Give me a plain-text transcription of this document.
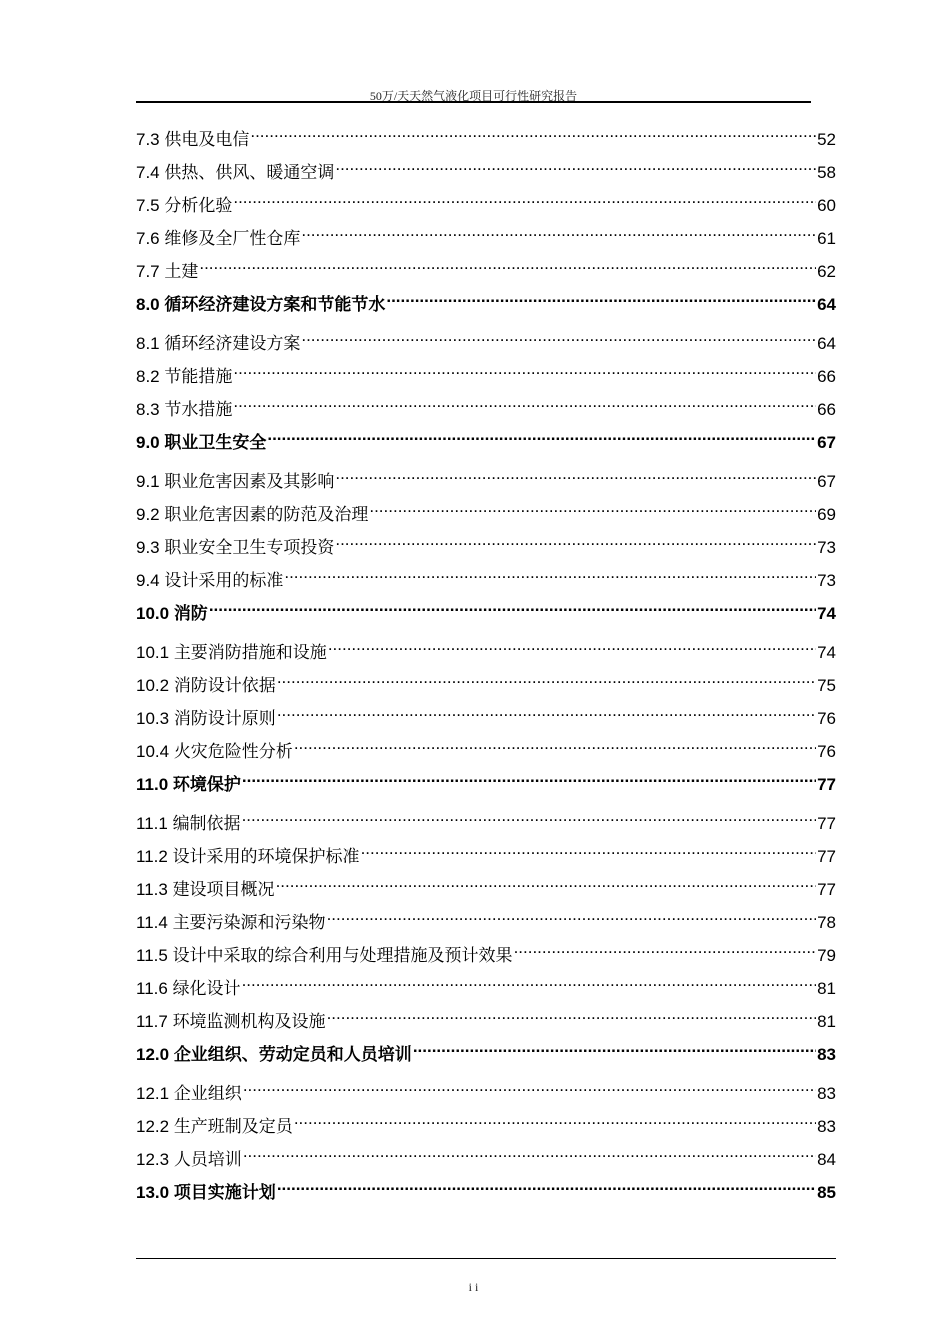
50万/天天然气液化项目可行性研究报告
7.3 供电及电信 .....	52
7.4 供热、供风、暖通空调 .....	58
7.5 分析化验 .....	60
7.6 维修及全厂性仓库 .....	61
7.7 土建 .....	62
8.0 循环经济建设方案和节能节水 .....	64
8.1 循环经济建设方案 .....	64
8.2 节能措施 .....	66
8.3 节水措施 .....	66
9.0 职业卫生安全 .....	67
9.1 职业危害因素及其影响 .....	67
9.2 职业危害因素的防范及治理 .....	69
9.3 职业安全卫生专项投资 .....	73
9.4 设计采用的标准 .....	73
10.0 消防 .....	74
10.1 主要消防措施和设施 .....	74
10.2 消防设计依据 .....	75
10.3 消防设计原则 .....	76
10.4 火灾危险性分析 .....	76
11.0 环境保护 .....	77
11.1 编制依据 .....	77
11.2 设计采用的环境保护标准 .....	77
11.3 建设项目概况 .....	77
11.4 主要污染源和污染物 .....	78
11.5 设计中采取的综合利用与处理措施及预计效果 .....	79
11.6 绿化设计 .....	81
11.7 环境监测机构及设施 .....	81
12.0 企业组织、劳动定员和人员培训 .....	83
12.1 企业组织 .....	83
12.2 生产班制及定员 .....	83
12.3 人员培训 .....	84
13.0 项目实施计划 .....	85
ii
